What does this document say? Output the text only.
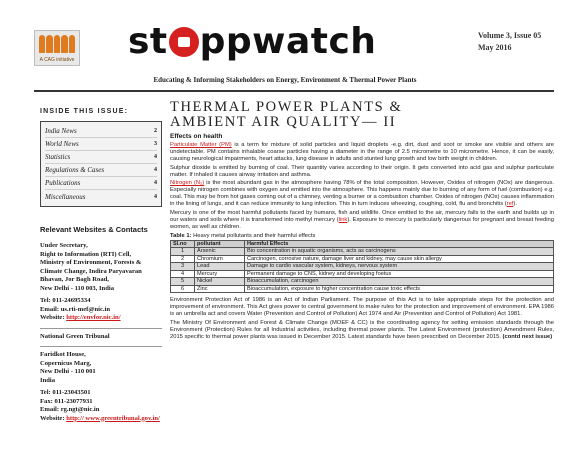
A CAG initiative st ppwatch	Volume 3, Issue 05
May 2016
Educating & Informing Stakeholders on Energy, Environment & Thermal Power Plants
INSIDE THIS ISSUE:
India News	2
World News	3
Statistics	4
Regulations & Cases	4
Publications	4
Miscellaneous	4
Relevant Websites & Contacts
Under Secretary,
Right to Information (RTI) Cell,
Ministry of Environment, Forests & Climate Change, Indira Paryavaran Bhavan, Jor Bagh Road,
New Delhi - 110 003, India
Tel: 011-24695334
Email: us.rti-mef@nic.in
Website: http://envfor.nic.in/
National Green Tribunal
Faridkot House,
Copernicus Marg,
New Delhi - 110 001
India
Tel: 011-23043501
Fax: 011-23077931
Email: rg.ngt@nic.in
Website: http:// www.greentribunal.gov.in/
THERMAL POWER PLANTS &
AMBIENT AIR QUALITY— II
Effects on health

Particulate Matter (PM) is a term for mixture of solid particles and liquid droplets -e.g. dirt, dust and soot or smoke are visible and others are undetectable. PM contains inhalable coarse particles having a diameter in the range of 2.5 micrometre to 10 micrometre. Hence, it can be easily, causing neurological impairments, heart attacks, lung disease in adults and stunted lung growth and low birth weight in children.

Sulphur dioxide is emitted by burning of coal. Their quantity varies according to their origin. It gets converted into acid gas and sulphur particulate matter. If inhaled it causes airway irritation and asthma.

Nitrogen (N₂) is the most abundant gas in the atmosphere having 78% of the total composition. However, Oxides of nitrogen (NOx) are dangerous. Especially nitrogen combines with oxygen and emitted into the atmosphere. This happens mainly due to burning of any form of fuel (combustion) e.g. coal. This may be from hot gases coming out of a chimney, venting a burner or a combustion chamber. Oxides of nitrogen (NOx) causes inflammation in the lining of lungs, and it can reduce immunity to lung infection. This in turn induces wheezing, coughing, cold, flu and bronchitis (ref).

Mercury is one of the most harmful pollutants faced by humans, fish and wildlife. Once emitted to the air, mercury falls to the earth and builds up in our waters and soils where it is transformed into methyl mercury (link). Exposure to mercury is particularly dangerous for pregnant and breast feeding women, as well as children.

Table 1: Heavy metal pollutants and their harmful effects
Sl.no	pollutant	Harmful Effects
1	Arsenic	Bio concentration in aquatic organisms, acts as carcinogens
2	Chromium	Carcinogen, corrosive nature, damage liver and kidney, may cause skin allergy
3	Lead	Damage to cardio vascular system, kidneys, nervous system
4	Mercury	Permanent damage to CNS, kidney and developing foetus
5	Nickel	Bioaccumulation, carcinogen
6	Zinc	Bioaccumulation, exposure to higher concentration cause toxic effects

Environment Protection Act of 1986 is an Act of Indian Parliament. The purpose of this Act is to take appropriate steps for the protection and improvement of environment. This Act gives power to central government to make rules for the protection and improvement of environment. EPA 1986 is an umbrella act and covers Water (Prevention and Control of Pollution) Act 1974 and Air (Prevention and Control of Pollution) Act 1981.

The Ministry Of Environment and Forest & Climate Change (MOEF & CC) is the coordinating agency for setting emission standards through the Environment (Protection) Rules for all Industrial activities, including thermal power plants. The Latest Environment (protection) Amendment Rules, 2015 specific to thermal power plants was issued in December 2015. Latest standards have been prescribed on December 2015. (contd next issue)
